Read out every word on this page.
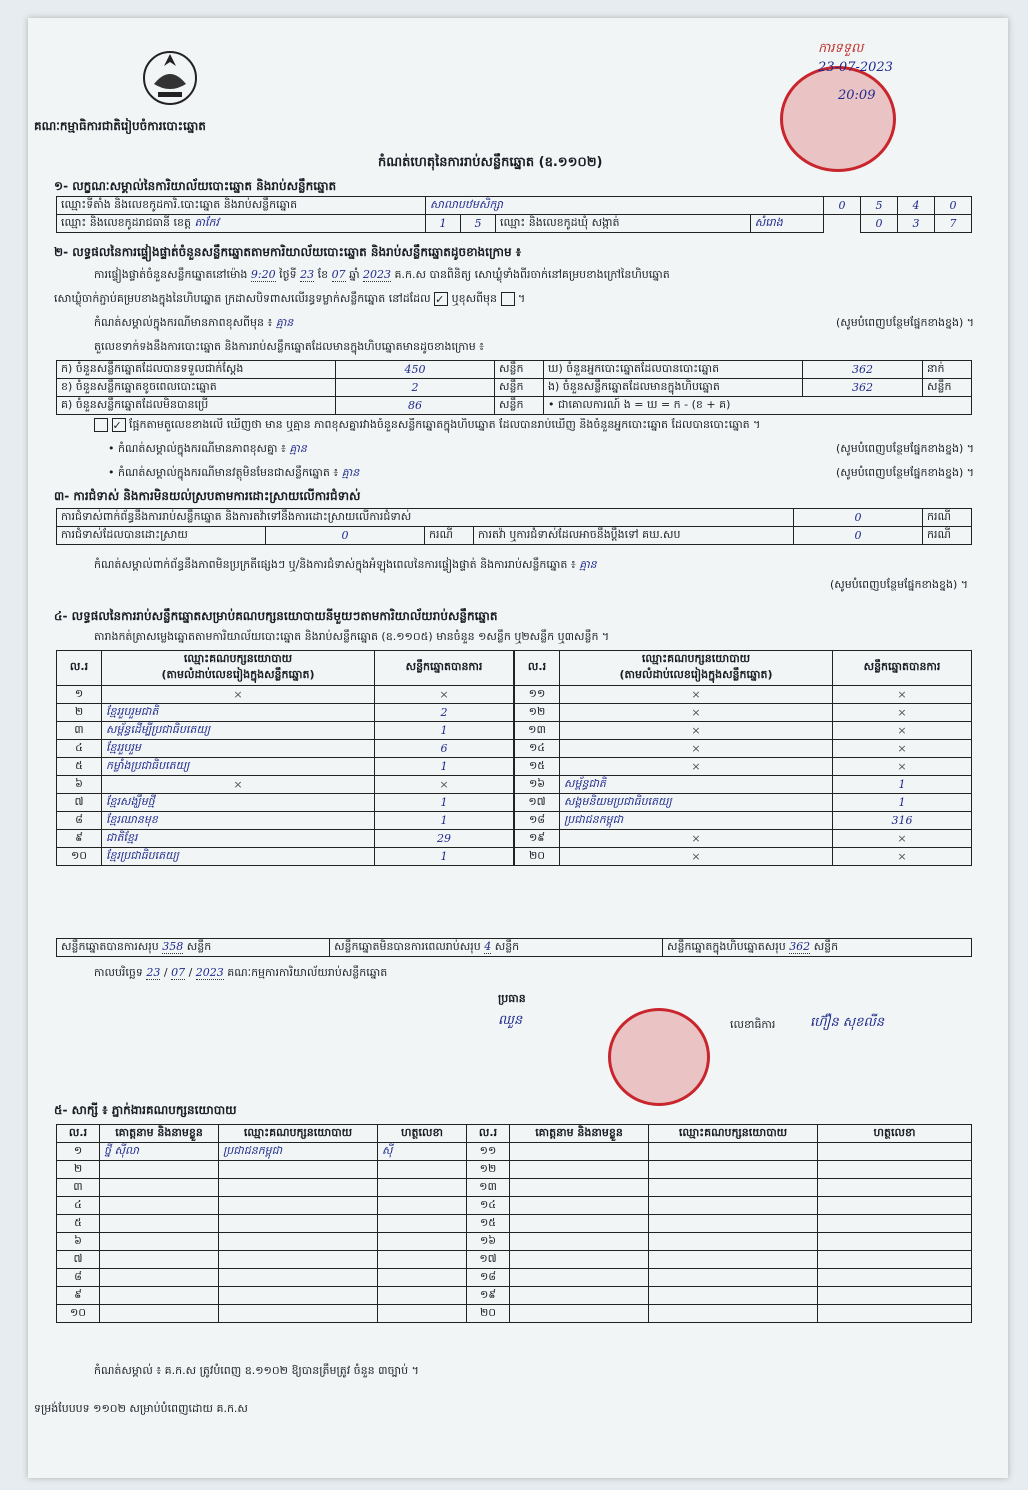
គណៈកម្មាធិការជាតិរៀបចំការបោះឆ្នោត
ការទទួល
23-07-2023
20:09
កំណត់ហេតុនៃការរាប់សន្លឹកឆ្នោត (ឧ.១១០២)
១- លក្ខណៈសម្គាល់នៃការិយាល័យបោះឆ្នោត និងរាប់សន្លឹកឆ្នោត
ឈ្មោះទីតាំង និងលេខកូដការិ.បោះឆ្នោត និងរាប់សន្លឹកឆ្នោត	សាលាបឋមសិក្សា				0	5	4	0
ឈ្មោះ និងលេខកូដរាជធានី ខេត្ត តាកែវ	1	5	ឈ្មោះ និងលេខកូដឃុំ សង្កាត់	សំរោង		0	3	7
២- លទ្ធផលនៃការផ្ទៀងផ្ទាត់ចំនួនសន្លឹកឆ្នោតតាមការិយាល័យបោះឆ្នោត និងរាប់សន្លឹកឆ្នោតដូចខាងក្រោម ៖
ការផ្ទៀងផ្ទាត់ចំនួនសន្លឹកឆ្នោតនៅម៉ោង 9:20 ថ្ងៃទី 23 ខែ 07 ឆ្នាំ 2023 គ.ក.ស បានពិនិត្យ សោឃ្លុំទាំងពីរចាក់នៅគម្របខាងក្រៅនៃហិបឆ្នោត
សោឃ្លុំចាក់ភ្ជាប់គម្របខាងក្នុងនៃហិបឆ្នោត ក្រដាសបិទពាសលើរន្ធទម្លាក់សន្លឹកឆ្នោត នៅដដែល ✓ ឬខុសពីមុន  ។
កំណត់សម្គាល់ក្នុងករណីមានភាពខុសពីមុន ៖ គ្មាន	(សូមបំពេញបន្ថែមផ្នែកខាងខ្នង) ។
តួលេខទាក់ទងនឹងការបោះឆ្នោត និងការរាប់សន្លឹកឆ្នោតដែលមានក្នុងហិបឆ្នោតមានដូចខាងក្រោម ៖
ក) ចំនួនសន្លឹកឆ្នោតដែលបានទទួលជាក់ស្តែង	450	សន្លឹក	ឃ) ចំនួនអ្នកបោះឆ្នោតដែលបានបោះឆ្នោត	362	នាក់
ខ) ចំនួនសន្លឹកឆ្នោតខូចពេលបោះឆ្នោត	2	សន្លឹក	ង) ចំនួនសន្លឹកឆ្នោតដែលមានក្នុងហិបឆ្នោត	362	សន្លឹក
គ) ចំនួនសន្លឹកឆ្នោតដែលមិនបានប្រើ	86	សន្លឹក	• ជាគោលការណ៍ ង = ឃ = ក - (ខ + គ)		
✓ ផ្អែកតាមតួលេខខាងលើ ឃើញថា មាន ឬគ្មាន ភាពខុសគ្នារវាងចំនួនសន្លឹកឆ្នោតក្នុងហិបឆ្នោត ដែលបានរាប់ឃើញ និងចំនួនអ្នកបោះឆ្នោត ដែលបានបោះឆ្នោត ។
• កំណត់សម្គាល់ក្នុងករណីមានភាពខុសគ្នា ៖ គ្មាន	(សូមបំពេញបន្ថែមផ្នែកខាងខ្នង) ។
• កំណត់សម្គាល់ក្នុងករណីមានវត្ថុមិនមែនជាសន្លឹកឆ្នោត ៖ គ្មាន	(សូមបំពេញបន្ថែមផ្នែកខាងខ្នង) ។
៣- ការជំទាស់ និងការមិនយល់ស្របតាមការដោះស្រាយលើការជំទាស់
ការជំទាស់ពាក់ព័ន្ធនឹងការរាប់សន្លឹកឆ្នោត និងការតវ៉ាទៅនឹងការដោះស្រាយលើការជំទាស់				0	ករណី
ការជំទាស់ដែលបានដោះស្រាយ	0	ករណី	ការតវ៉ា ឬការជំទាស់ដែលអាចនឹងប្តឹងទៅ គឃ.សប	0	ករណី
កំណត់សម្គាល់ពាក់ព័ន្ធនឹងភាពមិនប្រក្រតីផ្សេងៗ ឬ/និងការជំទាស់ក្នុងអំឡុងពេលនៃការផ្ទៀងផ្ទាត់ និងការរាប់សន្លឹកឆ្នោត ៖ គ្មាន
(សូមបំពេញបន្ថែមផ្នែកខាងខ្នង) ។
៤- លទ្ធផលនៃការរាប់សន្លឹកឆ្នោតសម្រាប់គណបក្សនយោបាយនីមួយៗតាមការិយាល័យរាប់សន្លឹកឆ្នោត
តារាងកត់ត្រាសម្លេងឆ្នោតតាមការិយាល័យបោះឆ្នោត និងរាប់សន្លឹកឆ្នោត (ឧ.១១០៥) មានចំនួន ១សន្លឹក ឬ២សន្លឹក ឬ៣សន្លឹក ។
ល.រ	ឈ្មោះគណបក្សនយោបាយ
(តាមលំដាប់លេខរៀងក្នុងសន្លឹកឆ្នោត)	សន្លឹកឆ្នោតបានការ
១	×	×
២	ខ្មែររួបរួមជាតិ	2
៣	សម្ព័ន្ធដើម្បីប្រជាធិបតេយ្យ	1
៤	ខ្មែររួបរួម	6
៥	កម្លាំងប្រជាធិបតេយ្យ	1
៦	×	×
៧	ខ្មែរសង្ឃឹមថ្មី	1
៨	ខ្មែរឈានមុខ	1
៩	ជាតិខ្មែរ	29
១០	ខ្មែរប្រជាធិបតេយ្យ	1
ល.រ	ឈ្មោះគណបក្សនយោបាយ
(តាមលំដាប់លេខរៀងក្នុងសន្លឹកឆ្នោត)	សន្លឹកឆ្នោតបានការ
១១	×	×
១២	×	×
១៣	×	×
១៤	×	×
១៥	×	×
១៦	សម្ព័ន្ធជាតិ	1
១៧	សង្គមនិយមប្រជាធិបតេយ្យ	1
១៨	ប្រជាជនកម្ពុជា	316
១៩	×	×
២០	×	×
សន្លឹកឆ្នោតបានការសរុប 358 សន្លឹក	សន្លឹកឆ្នោតមិនបានការពេលរាប់សរុប 4 សន្លឹក	សន្លឹកឆ្នោតក្នុងហិបឆ្នោតសរុប 362 សន្លឹក
កាលបរិច្ឆេទ 23 / 07 / 2023 គណៈកម្មការការិយាល័យរាប់សន្លឹកឆ្នោត
ប្រធាន
ឈួន	លេខាធិការ	ហ៊ឿន សុខលីន
៥- សាក្សី ៖ ភ្នាក់ងារគណបក្សនយោបាយ
ល.រ	គោត្តនាម និងនាមខ្លួន	ឈ្មោះគណបក្សនយោបាយ	ហត្ថលេខា	ល.រ	គោត្តនាម និងនាមខ្លួន	ឈ្មោះគណបក្សនយោបាយ	ហត្ថលេខា
១	ថ្នី ស៊ីលា	ប្រជាជនកម្ពុជា	ស៊ី	១១			
២				១២			
៣				១៣			
៤				១៤			
៥				១៥			
៦				១៦			
៧				១៧			
៨				១៨			
៩				១៩			
១០				២០			
កំណត់សម្គាល់ ៖ គ.ក.ស ត្រូវបំពេញ ឧ.១១០២ ឱ្យបានត្រឹមត្រូវ ចំនួន ៣ច្បាប់ ។
ទម្រង់បែបបទ ១១០២ សម្រាប់បំពេញដោយ គ.ក.ស
